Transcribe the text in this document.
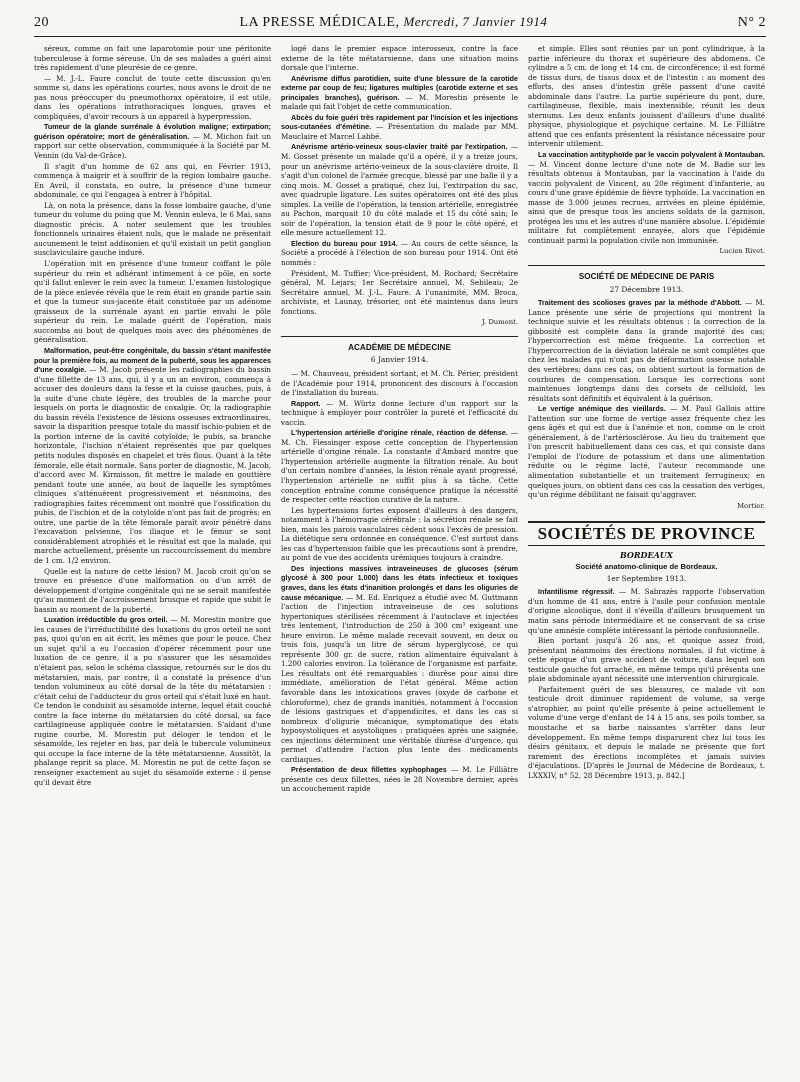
20	LA PRESSE MÉDICALE, Mercredi, 7 Janvier 1914	N° 2

séreux, comme on fait une laparotomie pour une péritonite tuberculeuse à forme séreuse. Un de ses malades a guéri ainsi très rapidement d'une pleurésie de ce genre.

— M. J.-L. Faure conclut de toute cette discussion qu'en somme si, dans les opérations courtes, nous avons le droit de ne pas nous préoccuper du pneumothorax opératoire, il est utile, dans les opérations intrathoraciques longues, graves et compliquées, d'avoir recours à un appareil à hyperpression.

Tumeur de la glande surrénale à évolution maligne; extirpation; guérison opératoire; mort de généralisation. — M. Michon fait un rapport sur cette observation, communiquée à la Société par M. Vennin (du Val-de-Grâce).

Il s'agit d'un homme de 62 ans qui, en Février 1913, commença à maigrir et à souffrir de la région lombaire gauche. En Avril, il constata, en outre, la présence d'une tumeur abdominale, ce qui l'engagea à entrer à l'hôpital.

Là, on nota la présence, dans la fosse lombaire gauche, d'une tumeur du volume du poing que M. Vennin enleva, le 6 Mai, sans diagnostic précis. A noter seulement que les troubles fonctionnels urinaires étaient nuls, que le malade ne présentait aucunement le teint addisonien et qu'il existait un petit ganglion susclaviculaire gauche induré.

L'opération mit en présence d'une tumeur coiffant le pôle supérieur du rein et adhérant intimement à ce pôle, en sorte qu'il fallut enlever le rein avec la tumeur. L'examen histologique de la pièce enlevée révéla que le rein était en grande partie sain et que la tumeur sus-jacente était constituée par un adénome graisseux de la surrénale ayant en partie envahi le pôle supérieur du rein. Le malade guérit de l'opération, mais succomba au bout de quelques mois avec des phénomènes de généralisation.

Malformation, peut-être congénitale, du bassin s'étant manifestée pour la première fois, au moment de la puberté, sous les apparences d'une coxalgie. — M. Jacob présente les radiographies du bassin d'une fillette de 13 ans, qui, il y a un an environ, commença à accuser des douleurs dans la fesse et la cuisse gauches, puis, à la suite d'une chute légère, des troubles de la marche pour lesquels on porta le diagnostic de coxalgie. Or, la radiographie du bassin révéla l'existence de lésions osseuses extraordinaires, savoir la disparition presque totale du massif ischio-pubien et de la portion interne de la cavité cotyloïde; le pubis, sa branche horizontale, l'ischion n'étaient représentés que par quelques petits nodules disposés en chapelet et très flous. Quant à la tête fémorale, elle était normale. Sans porter de diagnostic, M. Jacob, d'accord avec M. Kirmisson, fit mettre le malade en gouttière pendant toute une année, au bout de laquelle les symptômes cliniques s'atténuèrent progressivement et néanmoins, des radiographies faites récemment ont montré que l'ossification du pubis, de l'ischion et de la cotyloïde n'ont pas fait de progrès; en outre, une partie de la tête fémorale paraît avoir pénétré dans l'excavation pelvienne, l'os iliaque et le fémur se sont considérablement atrophiés et le résultat est que la malade, qui marche actuellement, présente un raccourcissement du membre de 1 cm. 1/2 environ.

Quelle est la nature de cette lésion? M. Jacob croit qu'on se trouve en présence d'une malformation ou d'un arrêt de développement d'origine congénitale qui ne se serait manifestée qu'au moment de l'accroissement brusque et rapide que subit le bassin au moment de la puberté.

Luxation irréductible du gros orteil. — M. Morestin montre que les causes de l'irréductibilité des luxations du gros orteil ne sont pas, quoi qu'on en ait écrit, les mêmes que pour le pouce. Chez un sujet qu'il a eu l'occasion d'opérer récemment pour une luxation de ce genre, il a pu s'assurer que les sésamoïdes n'étaient pas, selon le schéma classique, retournés sur le dos du métatarsien, mais, par contre, il a constaté la présence d'un tendon volumineux au côté dorsal de la tête du métatarsien : c'était celui de l'adducteur du gros orteil qui s'était luxé en haut. Ce tendon le conduisit au sésamoïde interne, lequel était couché contre la face interne du métatarsien du côté dorsal, sa face cartilagineuse appliquée contre le métatarsien. S'aidant d'une rugine courbe, M. Morestin put déloger le tendon et le sésamoïde, les rejeter en bas, par delà le tubercule volumineux qui occupe la face interne de la tête métatarsienne. Aussitôt, la phalange reprit sa place. M. Morestin ne put de cette façon se renseigner exactement au sujet du sésamoïde externe : il pense qu'il devait être

logé dans le premier espace interosseux, contre la face externe de la tête métatarsienne, dans une situation moins dorsale que l'interne.

Anévrisme diffus parotidien, suite d'une blessure de la carotide externe par coup de feu; ligatures multiples (carotide externe et ses principales branches), guérison. — M. Morestin présente le malade qui fait l'objet de cette communication.

Abcès du foie guéri très rapidement par l'incision et les injections sous-cutanées d'émétine. — Présentation du malade par MM. Mauclaire et Marcel Labbé.

Anévrisme artério-veineux sous-clavier traité par l'extirpation. — M. Gosset présente un malade qu'il a opéré, il y a treize jours, pour un anévrisme artério-veineux de la sous-clavière droite. Il s'agit d'un colonel de l'armée grecque, blessé par une balle il y a cinq mois. M. Gosset a pratiqué, chez lui, l'extirpation du sac, avec quadruple ligature. Les suites opératoires ont été des plus simples. La veille de l'opération, la tension artérielle, enregistrée au Pachon, marquait 10 du côté malade et 15 du côté sain; le soir de l'opération, la tension était de 9 pour le côté opéré, et elle mesure actuellement 12.

Election du bureau pour 1914. — Au cours de cette séance, la Société a procédé à l'élection de son bureau pour 1914. Ont été nommés :

Président, M. Tuffier; Vice-président, M. Rochard; Secrétaire général, M. Lejars; 1er Secrétaire annuel, M. Sebileau; 2e Secrétaire annuel, M. J.-L. Faure. A l'unanimité, MM. Broca, archiviste, et Launay, trésorier, ont été maintenus dans leurs fonctions.

J. Dumont.

ACADÉMIE DE MÉDECINE
6 Janvier 1914.

— M. Chauveau, président sortant, et M. Ch. Périer, président de l'Académie pour 1914, prononcent des discours à l'occasion de l'installation du bureau.

Rapport. — M. Würtz donne lecture d'un rapport sur la technique à employer pour contrôler la pureté et l'efficacité du vaccin.

L'hypertension artérielle d'origine rénale, réaction de défense. — M. Ch. Fiessinger expose cette conception de l'hypertension artérielle d'origine rénale. La constante d'Ambard montre que l'hypertension artérielle augmente la filtration rénale. Au bout d'un certain nombre d'années, la lésion rénale ayant progressé, l'hypertension artérielle ne suffit plus à sa tâche. Cette conception entraîne comme conséquence pratique la nécessité de respecter cette réaction curative de la nature.

Les hypertensions fortes exposent d'ailleurs à des dangers, notamment à l'hémorragie cérébrale : la sécrétion rénale se fait bien, mais les parois vasculaires cèdent sous l'excès de pression. La diététique sera ordonnée en conséquence. C'est surtout dans les cas d'hypertension faible que les précautions sont à prendre, au point de vue des accidents urémiques toujours à craindre.

Des injections massives intraveineuses de glucoses (sérum glycosé à 300 pour 1.000) dans les états infectieux et toxiques graves, dans les états d'inanition prolongés et dans les oliguries de cause mécanique. — M. Ed. Enriquez a étudié avec M. Guttmann l'action de l'injection intraveineuse de ces solutions hypertoniques stérilisées récemment à l'autoclave et injectées très lentement, l'introduction de 250 à 300 cm³ exigeant une heure environ. Le même malade recevait souvent, en deux ou trois fois, jusqu'à un litre de sérum hyperglycosé, ce qui représente 300 gr. de sucre, ration alimentaire équivalant à 1.200 calories environ. La tolérance de l'organisme est parfaite. Les résultats ont été remarquables : diurèse pour ainsi dire immédiate, amélioration de l'état général. Même action favorable dans les intoxications graves (oxyde de carbone et chloroforme), chez de grands inanitiés, notamment à l'occasion de lésions gastriques et d'appendicites, et dans les cas si nombreux d'oligurie mécanique, symptomatique des états hyposystoliques et asystoliques : pratiquées après une saignée, ces injections déterminent une véritable diurèse d'urgence, qui permet d'attendre l'action plus lente des médicaments cardiaques.

Présentation de deux fillettes xyphophages — M. Le Filliâtre présente ces deux fillettes, nées le 28 Novembre dernier, après un accouchement rapide

et simple. Elles sont réunies par un pont cylindrique, à la partie inférieure du thorax et supérieure des abdomens. Ce cylindre a 5 cm. de long et 14 cm. de circonférence; il est formé de tissus durs, de tissus doux et de l'intestin : au moment des efforts, des anses d'intestin grêle passent d'une cavité abdominale dans l'autre. La partie supérieure du pont, dure, cartilagineuse, flexible, mais inextensible, réunit les deux sternums. Les deux enfants jouissent d'ailleurs d'une dualité physique, physiologique et psychique certaine. M. Le Filliâtre attend que ces enfants présentent la résistance nécessaire pour intervenir utilement.

La vaccination antityphoïde par le vaccin polyvalent à Montauban. — M. Vincent donne lecture d'une note de M. Badie sur les résultats obtenus à Montauban, par la vaccination à l'aide du vaccin polyvalent de Vincent, au 20e régiment d'infanterie, au cours d'une grave épidémie de fièvre typhoïde. La vaccination en masse de 3.000 jeunes recrues, arrivées en pleine épidémie, ainsi que de presque tous les anciens soldats de la garnison, protégea les uns et les autres d'une manière absolue. L'épidémie militaire fut complètement enrayée, alors que l'épidémie continuait parmi la population civile non immunisée.

Lucien Rivet.

SOCIÉTÉ DE MÉDECINE DE PARIS
27 Décembre 1913.

Traitement des scolioses graves par la méthode d'Abbott. — M. Lance présente une série de projections qui montrent la technique suivie et les résultats obtenus : la correction de la gibbosité est complète dans la grande majorité des cas; l'hypercorrection est même fréquente. La correction et l'hypercorrection de la déviation latérale ne sont complètes que chez les malades qui n'ont pas de déformation osseuse notable des vertèbres; dans ces cas, on obtient surtout la formation de courbures de compensation. Lorsque les corrections sont maintenues longtemps dans des corsets de celluloïd, les résultats sont définitifs et équivalent à la guérison.

Le vertige anémique des vieillards. — M. Paul Gallois attire l'attention sur une forme de vertige assez fréquente chez les gens âgés et qui est due à l'anémie et non, comme on le croit généralement, à de l'artériosclérose. Au lieu du traitement que l'on prescrit habituellement dans ces cas, et qui consiste dans l'emploi de l'iodure de potassium et dans une alimentation réduite ou le régime lacté, l'auteur recommande une alimentation substantielle et un traitement ferrugineux; en quelques jours, on obtient dans ces cas la cessation des vertiges, qu'un régime débilitant ne faisait qu'aggraver.

Mortier.

SOCIÉTÉS DE PROVINCE
BORDEAUX
Société anatomo-clinique de Bordeaux.
1er Septembre 1913.

Infantilisme régressif. — M. Sabrazès rapporte l'observation d'un homme de 41 ans, entré à l'asile pour confusion mentale d'origine alcoolique, dont il s'éveilla d'ailleurs brusquement un matin sans période intermédiaire et ne conservant de sa crise qu'une amnésie complète intéressant la période confusionnelle.

Bien portant jusqu'à 26 ans, et quoique assez froid, présentant néanmoins des érections normales, il fut victime à cette époque d'un grave accident de voiture, dans lequel son testicule gauche fut arraché, en même temps qu'il présenta une plaie abdominale ayant nécessité une intervention chirurgicale.

Parfaitement guéri de ses blessures, ce malade vit son testicule droit diminuer rapidement de volume, sa verge s'atrophier, au point qu'elle présente à peine actuellement le volume d'une verge d'enfant de 14 à 15 ans, ses poils tomber, sa moustache et sa barbe naissantes s'arrêter dans leur développement. En même temps disparurent chez lui tous les désirs génitaux, et depuis le malade ne présente que fort rarement des érections incomplètes et jamais suivies d'éjaculations. [D'après le Journal de Médecine de Bordeaux, t. LXXXIV, n° 52, 28 Décembre 1913, p. 842.]
